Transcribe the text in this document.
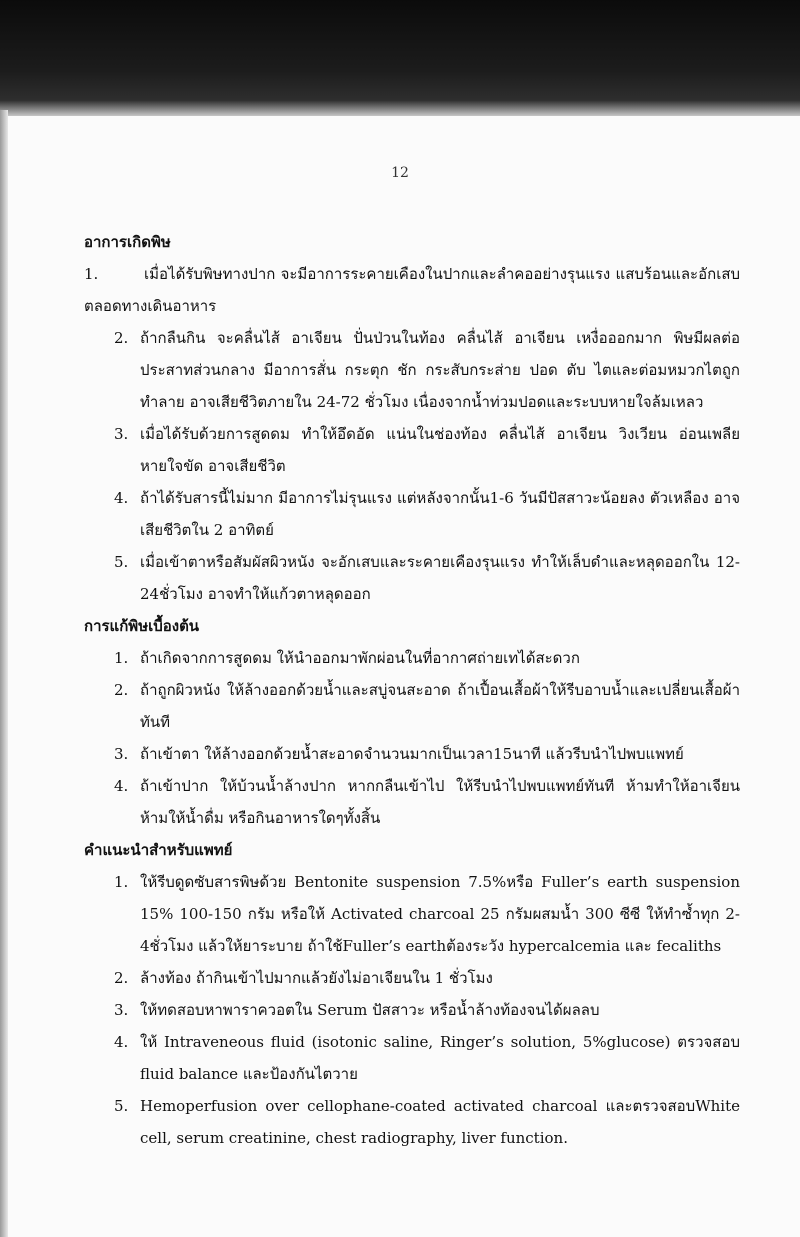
12
อาการเกิดพิษ
1.	เมื่อได้รับพิษทางปาก จะมีอาการระคายเคืองในปากและลำคออย่างรุนแรง แสบร้อนและอักเสบตลอดทางเดินอาหาร
2. ถ้ากลืนกิน จะคลื่นไส้ อาเจียน ปั่นป่วนในท้อง คลื่นไส้ อาเจียน เหงื่อออกมาก พิษมีผลต่อประสาทส่วนกลาง มีอาการสั่น กระตุก ชัก กระสับกระส่าย ปอด ตับ ไตและต่อมหมวกไตถูกทำลาย อาจเสียชีวิตภายใน 24-72 ชั่วโมง เนื่องจากน้ำท่วมปอดและระบบหายใจล้มเหลว
3. เมื่อได้รับด้วยการสูดดม ทำให้อึดอัด แน่นในช่องท้อง คลื่นไส้ อาเจียน วิงเวียน อ่อนเพลีย หายใจขัด อาจเสียชีวิต
4. ถ้าได้รับสารนี้ไม่มาก มีอาการไม่รุนแรง แต่หลังจากนั้น1-6 วันมีปัสสาวะน้อยลง ตัวเหลือง อาจเสียชีวิตใน 2 อาทิตย์
5. เมื่อเข้าตาหรือสัมผัสผิวหนัง จะอักเสบและระคายเคืองรุนแรง ทำให้เล็บดำและหลุดออกใน 12-24ชั่วโมง อาจทำให้แก้วตาหลุดออก
การแก้พิษเบื้องต้น
1. ถ้าเกิดจากการสูดดม ให้นำออกมาพักผ่อนในที่อากาศถ่ายเทได้สะดวก
2. ถ้าถูกผิวหนัง ให้ล้างออกด้วยน้ำและสบู่จนสะอาด ถ้าเปื้อนเสื้อผ้าให้รีบอาบน้ำและเปลี่ยนเสื้อผ้าทันที
3. ถ้าเข้าตา ให้ล้างออกด้วยน้ำสะอาดจำนวนมากเป็นเวลา15นาที แล้วรีบนำไปพบแพทย์
4. ถ้าเข้าปาก ให้บ้วนน้ำล้างปาก หากกลืนเข้าไป ให้รีบนำไปพบแพทย์ทันที ห้ามทำให้อาเจียน ห้ามให้น้ำดื่ม หรือกินอาหารใดๆทั้งสิ้น
คำแนะนำสำหรับแพทย์
1. ให้รีบดูดซับสารพิษด้วย Bentonite suspension 7.5%หรือ Fuller’s earth suspension 15% 100-150 กรัม หรือให้ Activated charcoal 25 กรัมผสมน้ำ 300 ซีซี ให้ทำซ้ำทุก 2-4ชั่วโมง แล้วให้ยาระบาย ถ้าใช้Fuller’s earthต้องระวัง hypercalcemia และ fecaliths
2. ล้างท้อง ถ้ากินเข้าไปมากแล้วยังไม่อาเจียนใน 1 ชั่วโมง
3. ให้ทดสอบหาพาราควอตใน Serum ปัสสาวะ หรือน้ำล้างท้องจนได้ผลลบ
4. ให้ Intraveneous fluid (isotonic saline, Ringer’s solution, 5%glucose) ตรวจสอบ fluid balance และป้องกันไตวาย
5. Hemoperfusion over cellophane-coated activated charcoal และตรวจสอบWhite cell, serum creatinine, chest radiography, liver function.
